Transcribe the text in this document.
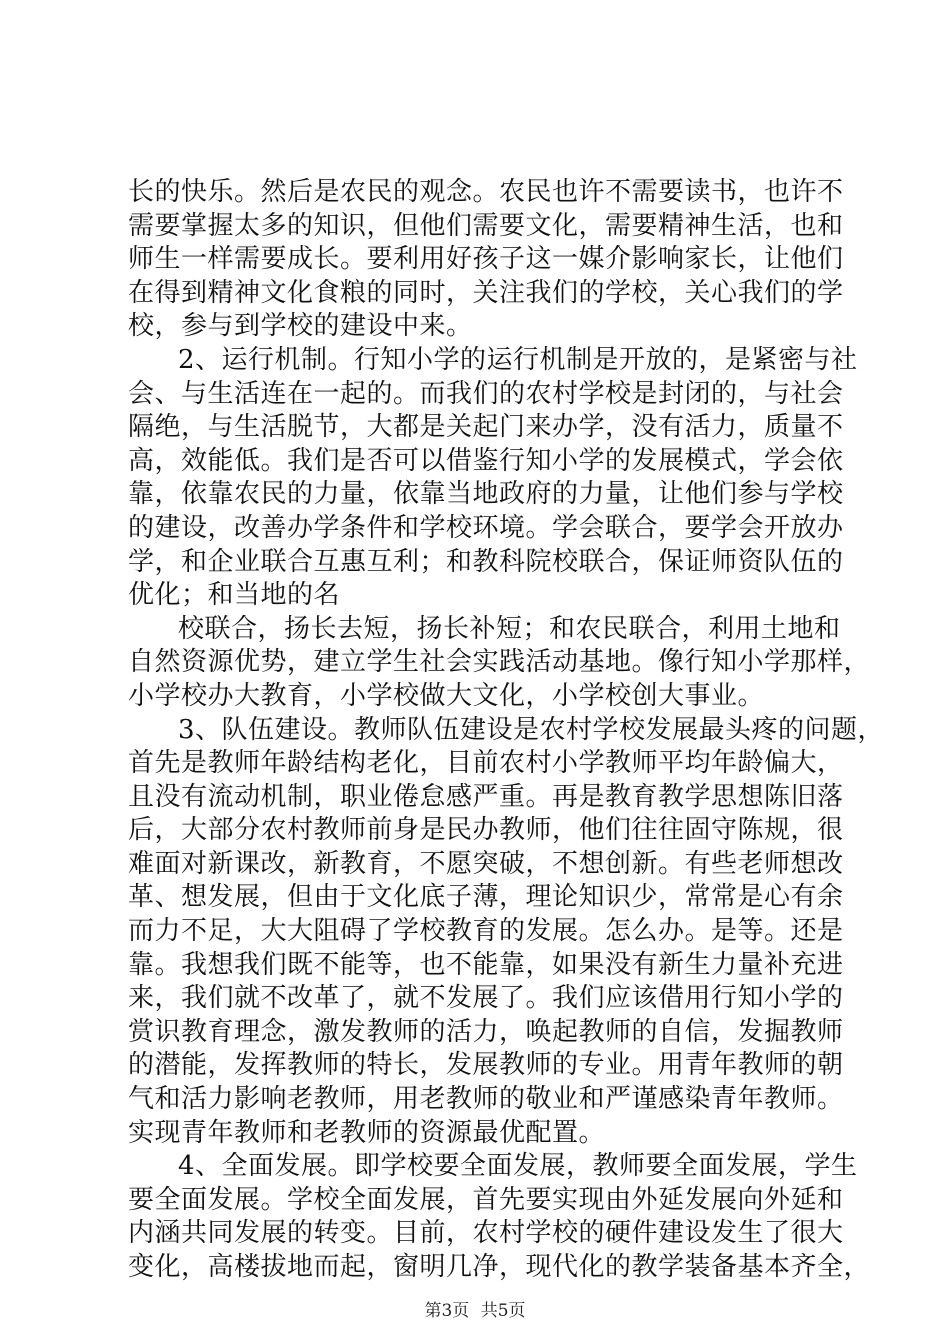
长的快乐。然后是农民的观念。农民也许不需要读书，也许不
需要掌握太多的知识，但他们需要文化，需要精神生活，也和
师生一样需要成长。要利用好孩子这一媒介影响家长，让他们
在得到精神文化食粮的同时，关注我们的学校，关心我们的学
校，参与到学校的建设中来。
2、运行机制。行知小学的运行机制是开放的，是紧密与社
会、与生活连在一起的。而我们的农村学校是封闭的，与社会
隔绝，与生活脱节，大都是关起门来办学，没有活力，质量不
高，效能低。我们是否可以借鉴行知小学的发展模式，学会依
靠，依靠农民的力量，依靠当地政府的力量，让他们参与学校
的建设，改善办学条件和学校环境。学会联合，要学会开放办
学，和企业联合互惠互利；和教科院校联合，保证师资队伍的
优化；和当地的名
校联合，扬长去短，扬长补短；和农民联合，利用土地和
自然资源优势，建立学生社会实践活动基地。像行知小学那样，
小学校办大教育，小学校做大文化，小学校创大事业。
3、队伍建设。教师队伍建设是农村学校发展最头疼的问题，
首先是教师年龄结构老化，目前农村小学教师平均年龄偏大，
且没有流动机制，职业倦怠感严重。再是教育教学思想陈旧落
后，大部分农村教师前身是民办教师，他们往往固守陈规，很
难面对新课改，新教育，不愿突破，不想创新。有些老师想改
革、想发展，但由于文化底子薄，理论知识少，常常是心有余
而力不足，大大阻碍了学校教育的发展。怎么办。是等。还是
靠。我想我们既不能等，也不能靠，如果没有新生力量补充进
来，我们就不改革了，就不发展了。我们应该借用行知小学的
赏识教育理念，激发教师的活力，唤起教师的自信，发掘教师
的潜能，发挥教师的特长，发展教师的专业。用青年教师的朝
气和活力影响老教师，用老教师的敬业和严谨感染青年教师。
实现青年教师和老教师的资源最优配置。
4、全面发展。即学校要全面发展，教师要全面发展，学生
要全面发展。学校全面发展，首先要实现由外延发展向外延和
内涵共同发展的转变。目前，农村学校的硬件建设发生了很大
变化，高楼拔地而起，窗明几净，现代化的教学装备基本齐全，
第3页 共5页
